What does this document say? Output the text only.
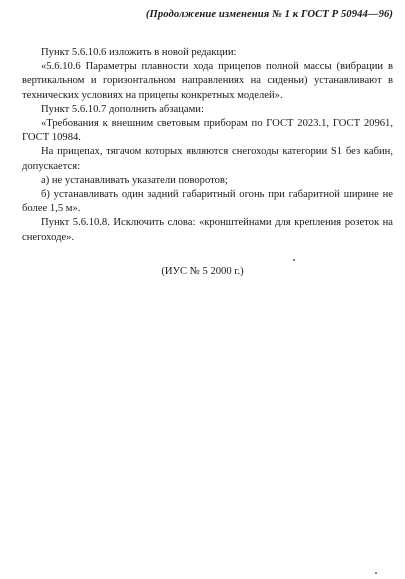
(Продолжение изменения № 1 к ГОСТ Р 50944—96)

Пункт 5.6.10.6 изложить в новой редакции:

«5.6.10.6 Параметры плавности хода прицепов полной массы (вибрации в вертикальном и горизонтальном направлениях на сиденьи) устанавливают в технических условиях на прицепы конкретных моделей».

Пункт 5.6.10.7 дополнить абзацами:

«Требования к внешним световым приборам по ГОСТ 2023.1, ГОСТ 20961, ГОСТ 10984.

На прицепах, тягачом которых являются снегоходы категории S1 без кабин, допускается:

а) не устанавливать указатели поворотов;

б) устанавливать один задний габаритный огонь при габаритной ширине не более 1,5 м».

Пункт 5.6.10.8. Исключить слова: «кронштейнами для крепления розеток на снегоходе».

(ИУС № 5 2000 г.)
